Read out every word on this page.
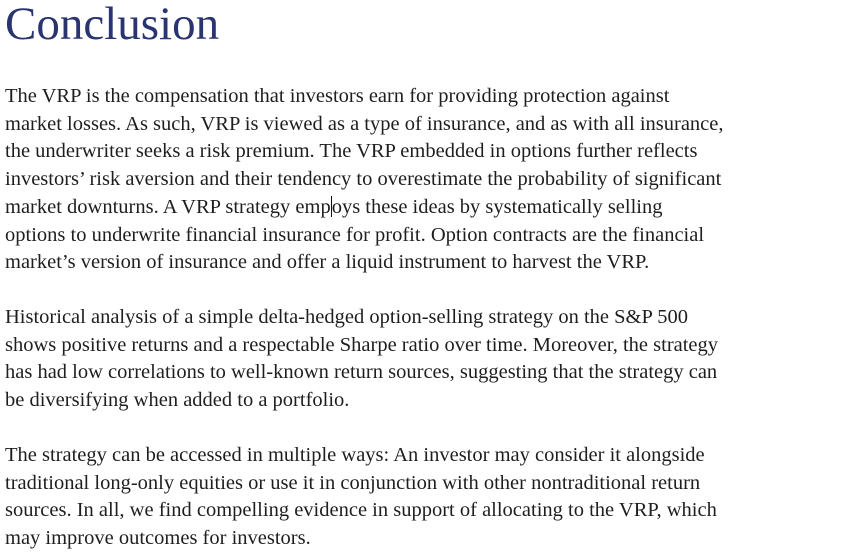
Conclusion

The VRP is the compensation that investors earn for providing protection against
market losses. As such, VRP is viewed as a type of insurance, and as with all insurance,
the underwriter seeks a risk premium. The VRP embedded in options further reflects
investors’ risk aversion and their tendency to overestimate the probability of significant
market downturns. A VRP strategy empoys these ideas by systematically selling
options to underwrite financial insurance for profit. Option contracts are the financial
market’s version of insurance and offer a liquid instrument to harvest the VRP.

Historical analysis of a simple delta-hedged option-selling strategy on the S&P 500
shows positive returns and a respectable Sharpe ratio over time. Moreover, the strategy
has had low correlations to well-known return sources, suggesting that the strategy can
be diversifying when added to a portfolio.

The strategy can be accessed in multiple ways: An investor may consider it alongside
traditional long-only equities or use it in conjunction with other nontraditional return
sources. In all, we find compelling evidence in support of allocating to the VRP, which
may improve outcomes for investors.
